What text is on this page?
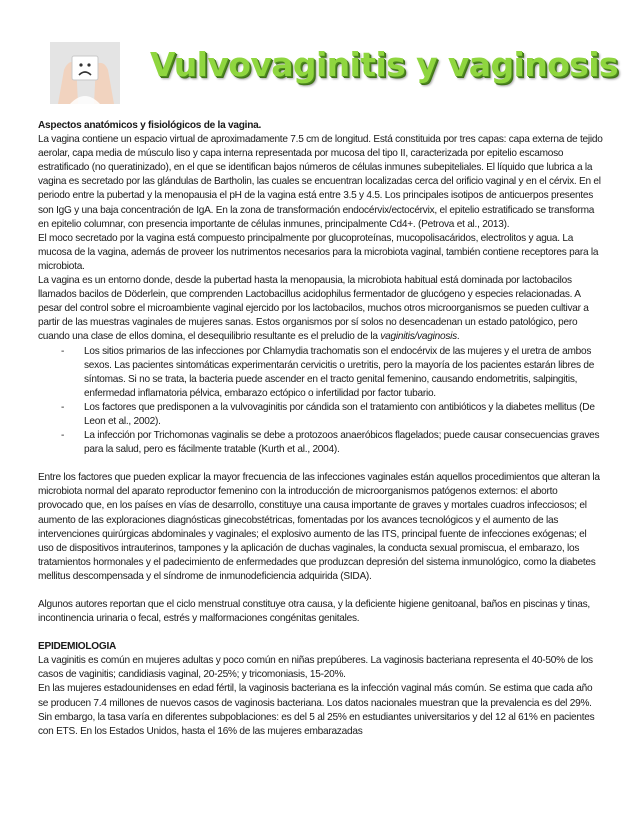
Vulvovaginitis y vaginosis

Aspectos anatómicos y fisiológicos de la vagina.

La vagina contiene un espacio virtual de aproximadamente 7.5 cm de longitud. Está constituida por tres capas: capa externa de tejido aerolar, capa media de músculo liso y capa interna representada por mucosa del tipo II, caracterizada por epitelio escamoso estratificado (no queratinizado), en el que se identifican bajos números de células inmunes subepiteliales. El líquido que lubrica a la vagina es secretado por las glándulas de Bartholin, las cuales se encuentran localizadas cerca del orificio vaginal y en el cérvix. En el periodo entre la pubertad y la menopausia el pH de la vagina está entre 3.5 y 4.5. Los principales isotipos de anticuerpos presentes son IgG y una baja concentración de IgA. En la zona de transformación endocérvix/ectocérvix, el epitelio estratificado se transforma en epitelio columnar, con presencia importante de células inmunes, principalmente Cd4+. (Petrova et al., 2013).

El moco secretado por la vagina está compuesto principalmente por glucoproteínas, mucopolisacáridos, electrolitos y agua. La mucosa de la vagina, además de proveer los nutrimentos necesarios para la microbiota vaginal, también contiene receptores para la microbiota.

La vagina es un entorno donde, desde la pubertad hasta la menopausia, la microbiota habitual está dominada por lactobacilos llamados bacilos de Döderlein, que comprenden Lactobacillus acidophilus fermentador de glucógeno y especies relacionadas. A pesar del control sobre el microambiente vaginal ejercido por los lactobacilos, muchos otros microorganismos se pueden cultivar a partir de las muestras vaginales de mujeres sanas. Estos organismos por sí solos no desencadenan un estado patológico, pero cuando una clase de ellos domina, el desequilibrio resultante es el preludio de la vaginitis/vaginosis.

- Los sitios primarios de las infecciones por Chlamydia trachomatis son el endocérvix de las mujeres y el uretra de ambos sexos. Las pacientes sintomáticas experimentarán cervicitis o uretritis, pero la mayoría de los pacientes estarán libres de síntomas. Si no se trata, la bacteria puede ascender en el tracto genital femenino, causando endometritis, salpingitis, enfermedad inflamatoria pélvica, embarazo ectópico o infertilidad por factor tubario.
- Los factores que predisponen a la vulvovaginitis por cándida son el tratamiento con antibióticos y la diabetes mellitus (De Leon et al., 2002).
- La infección por Trichomonas vaginalis se debe a protozoos anaeróbicos flagelados; puede causar consecuencias graves para la salud, pero es fácilmente tratable (Kurth et al., 2004).

Entre los factores que pueden explicar la mayor frecuencia de las infecciones vaginales están aquellos procedimientos que alteran la microbiota normal del aparato reproductor femenino con la introducción de microorganismos patógenos externos: el aborto provocado que, en los países en vías de desarrollo, constituye una causa importante de graves y mortales cuadros infecciosos; el aumento de las exploraciones diagnósticas ginecobstétricas, fomentadas por los avances tecnológicos y el aumento de las intervenciones quirúrgicas abdominales y vaginales; el explosivo aumento de las ITS, principal fuente de infecciones exógenas; el uso de dispositivos intrauterinos, tampones y la aplicación de duchas vaginales, la conducta sexual promiscua, el embarazo, los tratamientos hormonales y el padecimiento de enfermedades que produzcan depresión del sistema inmunológico, como la diabetes mellitus descompensada y el síndrome de inmunodeficiencia adquirida (SIDA).

Algunos autores reportan que el ciclo menstrual constituye otra causa, y la deficiente higiene genitoanal, baños en piscinas y tinas, incontinencia urinaria o fecal, estrés y malformaciones congénitas genitales.

EPIDEMIOLOGIA

La vaginitis es común en mujeres adultas y poco común en niñas prepúberes. La vaginosis bacteriana representa el 40-50% de los casos de vaginitis; candidiasis vaginal, 20-25%; y tricomoniasis, 15-20%.

En las mujeres estadounidenses en edad fértil, la vaginosis bacteriana es la infección vaginal más común. Se estima que cada año se producen 7.4 millones de nuevos casos de vaginosis bacteriana. Los datos nacionales muestran que la prevalencia es del 29%. Sin embargo, la tasa varía en diferentes subpoblaciones: es del 5 al 25% en estudiantes universitarios y del 12 al 61% en pacientes con ETS. En los Estados Unidos, hasta el 16% de las mujeres embarazadas
